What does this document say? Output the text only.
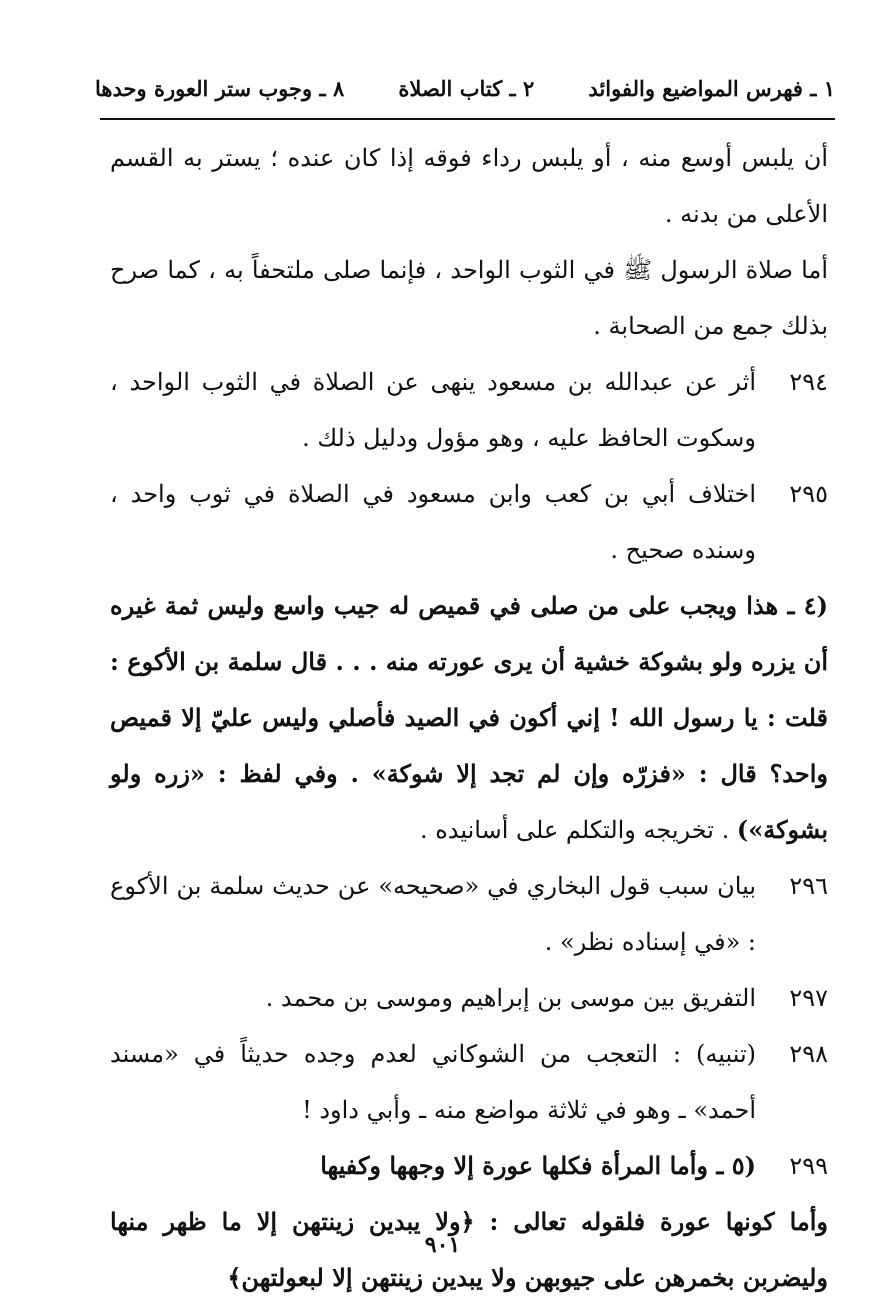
١ ـ فهرس المواضيع والفوائد
٢ ـ كتاب الصلاة
٨ ـ وجوب ستر العورة وحدها

أن يلبس أوسع منه ، أو يلبس رداء فوقه إذا كان عنده ؛ يستر به القسم الأعلى من بدنه .

أما صلاة الرسول ﷺ في الثوب الواحد ، فإنما صلى ملتحفاً به ، كما صرح بذلك جمع من الصحابة .

٢٩٤
أثر عن عبدالله بن مسعود ينهى عن الصلاة في الثوب الواحد ، وسكوت الحافظ عليه ، وهو مؤول ودليل ذلك .
٢٩٥
اختلاف أبي بن كعب وابن مسعود في الصلاة في ثوب واحد ، وسنده صحيح .

(٤ ـ هذا ويجب على من صلى في قميص له جيب واسع وليس ثمة غيره أن يزره ولو بشوكة خشية أن يرى عورته منه . . . قال سلمة بن الأكوع : قلت : يا رسول الله ! إني أكون في الصيد فأصلي وليس عليّ إلا قميص واحد؟ قال : «فزرّه وإن لم تجد إلا شوكة» . وفي لفظ : «زره ولو بشوكة») . تخريجه والتكلم على أسانيده .

٢٩٦
بيان سبب قول البخاري في «صحيحه» عن حديث سلمة بن الأكوع : «في إسناده نظر» .
٢٩٧
التفريق بين موسى بن إبراهيم وموسى بن محمد .
٢٩٨
(تنبيه) : التعجب من الشوكاني لعدم وجده حديثاً في «مسند أحمد» ـ وهو في ثلاثة مواضع منه ـ وأبي داود !
٢٩٩
(٥ ـ وأما المرأة فكلها عورة إلا وجهها وكفيها

وأما كونها عورة فلقوله تعالى : ﴿ولا يبدين زينتهن إلا ما ظهر منها وليضربن بخمرهن على جيوبهن ولا يبدين زينتهن إلا لبعولتهن﴾

٩٠١
